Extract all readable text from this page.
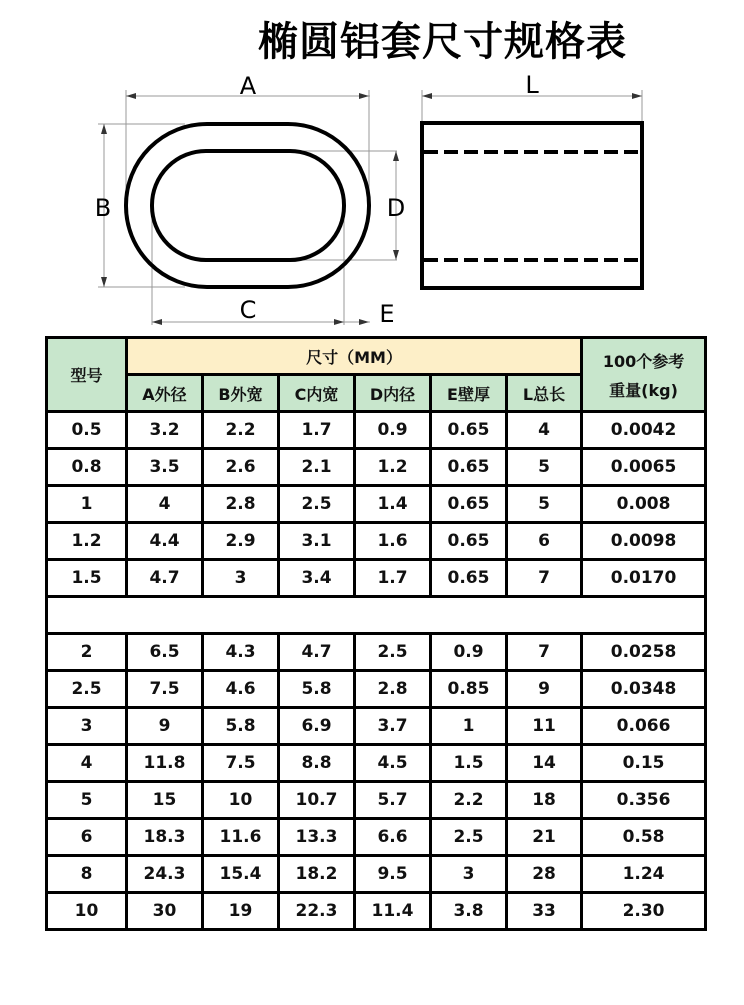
椭圆铝套尺寸规格表
A
B	D
C	E
L
型号	尺寸（MM）						100个参考
重量(kg)

	A外径	B外宽	C内宽	D内径	E壁厚	L总长	
0.5	3.2	2.2	1.7	0.9	0.65	4	0.0042
0.8	3.5	2.6	2.1	1.2	0.65	5	0.0065
1	4	2.8	2.5	1.4	0.65	5	0.008
1.2	4.4	2.9	3.1	1.6	0.65	6	0.0098
1.5	4.7	3	3.4	1.7	0.65	7	0.0170

2	6.5	4.3	4.7	2.5	0.9	7	0.0258
2.5	7.5	4.6	5.8	2.8	0.85	9	0.0348
3	9	5.8	6.9	3.7	1	11	0.066
4	11.8	7.5	8.8	4.5	1.5	14	0.15
5	15	10	10.7	5.7	2.2	18	0.356
6	18.3	11.6	13.3	6.6	2.5	21	0.58
8	24.3	15.4	18.2	9.5	3	28	1.24
10	30	19	22.3	11.4	3.8	33	2.30
